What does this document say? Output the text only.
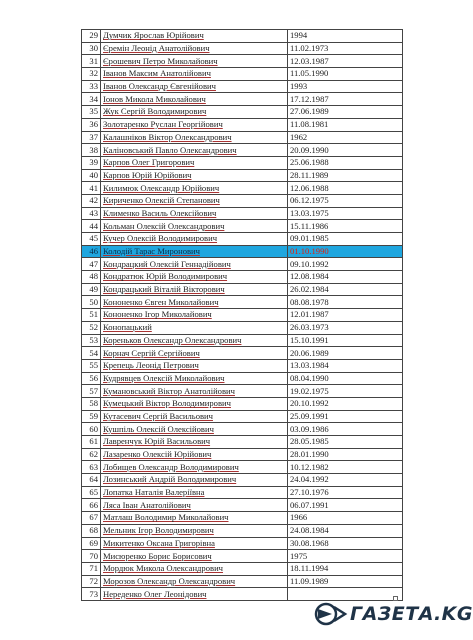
29	Думчик Ярослав Юрійович	1994
30	Єремін Леонід Анатолійович	11.02.1973
31	Єрошевич Петро Миколайович	12.03.1987
32	Іванов Максим Анатолійович	11.05.1990
33	Іванов Олександр Євгенійович	1993
34	Іонов Микола Миколайович	17.12.1987
35	Жук Сергій Володимирович	27.06.1989
36	Золотаренко Руслан Георгійович	11.08.1981
37	Калашніков Віктор Олександрович	1962
38	Каліновський Павло Олександрович	20.09.1990
39	Карпов Олег Григорович	25.06.1988
40	Карпов Юрій Юрійович	28.11.1989
41	Килимюк Олександр Юрійович	12.06.1988
42	Кириченко Олексій Степанович	06.12.1975
43	Клименко Василь Олексійович	13.03.1975
44	Кольман Олексій Олександрович	15.11.1986
45	Кучер Олексій Володимирович	09.01.1985
46	Колодій Тарас Миронович	01.10.1990
47	Кондрацкий Олексій Геннадійович	09.10.1992
48	Кондратюк Юрій Володимирович	12.08.1984
49	Кондрацький Віталій Вікторович	26.02.1984
50	Кононенко Євген Миколайович	08.08.1978
51	Кононенко Ігор Миколайович	12.01.1987
52	Конопацький	26.03.1973
53	Кореньков Олександр Олександрович	15.10.1991
54	Корнач Сергій Сергійович	20.06.1989
55	Крепець Леонід Петрович	13.03.1984
56	Кудрявцев Олексій Миколайович	08.04.1990
57	Кумановський Віктор Анатолійович	19.02.1975
58	Кумецький Віктор Володимирович	20.10.1992
59	Кутасевич Сергій Васильович	25.09.1991
60	Кушпіль Олексій Олексійович	03.09.1986
61	Лавренчук Юрій Васильович	28.05.1985
62	Лазаренко Олексій Юрійович	28.01.1990
63	Лобищев Олександр Володимирович	10.12.1982
64	Лозинський Андрій Володимирович	24.04.1992
65	Лопатка Наталія Валеріївна	27.10.1976
66	Ляса Іван Анатолійович	06.07.1991
67	Матлаш Володимир Миколайович	1966
68	Мельник Ігор Володимирович	24.08.1984
69	Микитенко Оксана Григорівна	30.08.1968
70	Мисюренко Борис Борисович	1975
71	Мордюк Микола Олександрович	18.11.1994
72	Морозов Олександр Олександрович	11.09.1989
73	Нереденко Олег Леонідович	
ГАЗЕТА.KG
